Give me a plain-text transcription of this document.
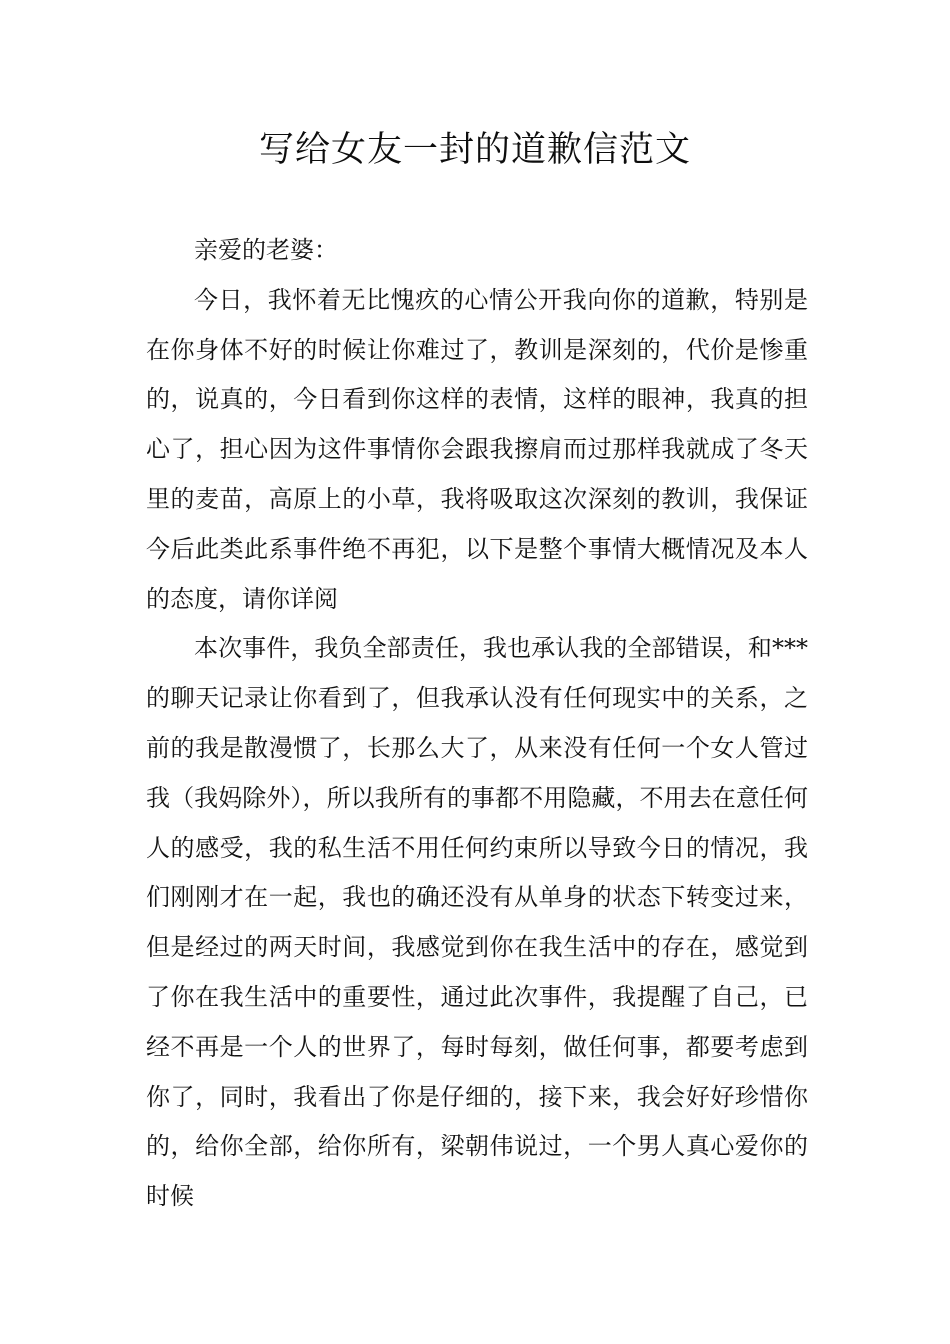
写给女友一封的道歉信范文

亲爱的老婆：

今日，我怀着无比愧疚的心情公开我向你的道歉，特别是在你身体不好的时候让你难过了，教训是深刻的，代价是惨重的，说真的，今日看到你这样的表情，这样的眼神，我真的担心了，担心因为这件事情你会跟我擦肩而过那样我就成了冬天里的麦苗，高原上的小草，我将吸取这次深刻的教训，我保证今后此类此系事件绝不再犯，以下是整个事情大概情况及本人的态度，请你详阅

本次事件，我负全部责任，我也承认我的全部错误，和***的聊天记录让你看到了，但我承认没有任何现实中的关系，之前的我是散漫惯了，长那么大了，从来没有任何一个女人管过我（我妈除外），所以我所有的事都不用隐藏，不用去在意任何人的感受，我的私生活不用任何约束所以导致今日的情况，我们刚刚才在一起，我也的确还没有从单身的状态下转变过来，但是经过的两天时间，我感觉到你在我生活中的存在，感觉到了你在我生活中的重要性，通过此次事件，我提醒了自己，已经不再是一个人的世界了，每时每刻，做任何事，都要考虑到你了，同时，我看出了你是仔细的，接下来，我会好好珍惜你的，给你全部，给你所有，梁朝伟说过，一个男人真心爱你的时候
